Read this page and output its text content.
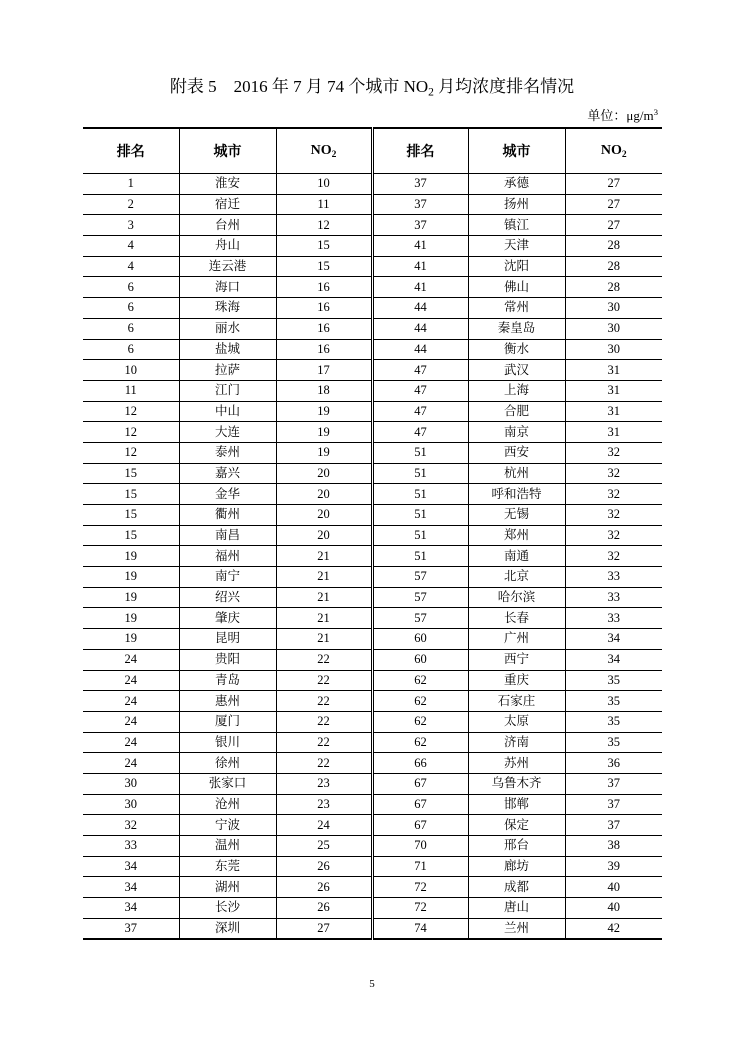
附表 5　2016 年 7 月 74 个城市 $NO_2$ 月均浓度排名情况
单位：$\mu g/m^3$
排名	城市	$NO_2$	排名	城市	$NO_2$
1	淮安	10	37	承德	27
2	宿迁	11	37	扬州	27
3	台州	12	37	镇江	27
4	舟山	15	41	天津	28
4	连云港	15	41	沈阳	28
6	海口	16	41	佛山	28
6	珠海	16	44	常州	30
6	丽水	16	44	秦皇岛	30
6	盐城	16	44	衡水	30
10	拉萨	17	47	武汉	31
11	江门	18	47	上海	31
12	中山	19	47	合肥	31
12	大连	19	47	南京	31
12	泰州	19	51	西安	32
15	嘉兴	20	51	杭州	32
15	金华	20	51	呼和浩特	32
15	衢州	20	51	无锡	32
15	南昌	20	51	郑州	32
19	福州	21	51	南通	32
19	南宁	21	57	北京	33
19	绍兴	21	57	哈尔滨	33
19	肇庆	21	57	长春	33
19	昆明	21	60	广州	34
24	贵阳	22	60	西宁	34
24	青岛	22	62	重庆	35
24	惠州	22	62	石家庄	35
24	厦门	22	62	太原	35
24	银川	22	62	济南	35
24	徐州	22	66	苏州	36
30	张家口	23	67	乌鲁木齐	37
30	沧州	23	67	邯郸	37
32	宁波	24	67	保定	37
33	温州	25	70	邢台	38
34	东莞	26	71	廊坊	39
34	湖州	26	72	成都	40
34	长沙	26	72	唐山	40
37	深圳	27	74	兰州	42
5
